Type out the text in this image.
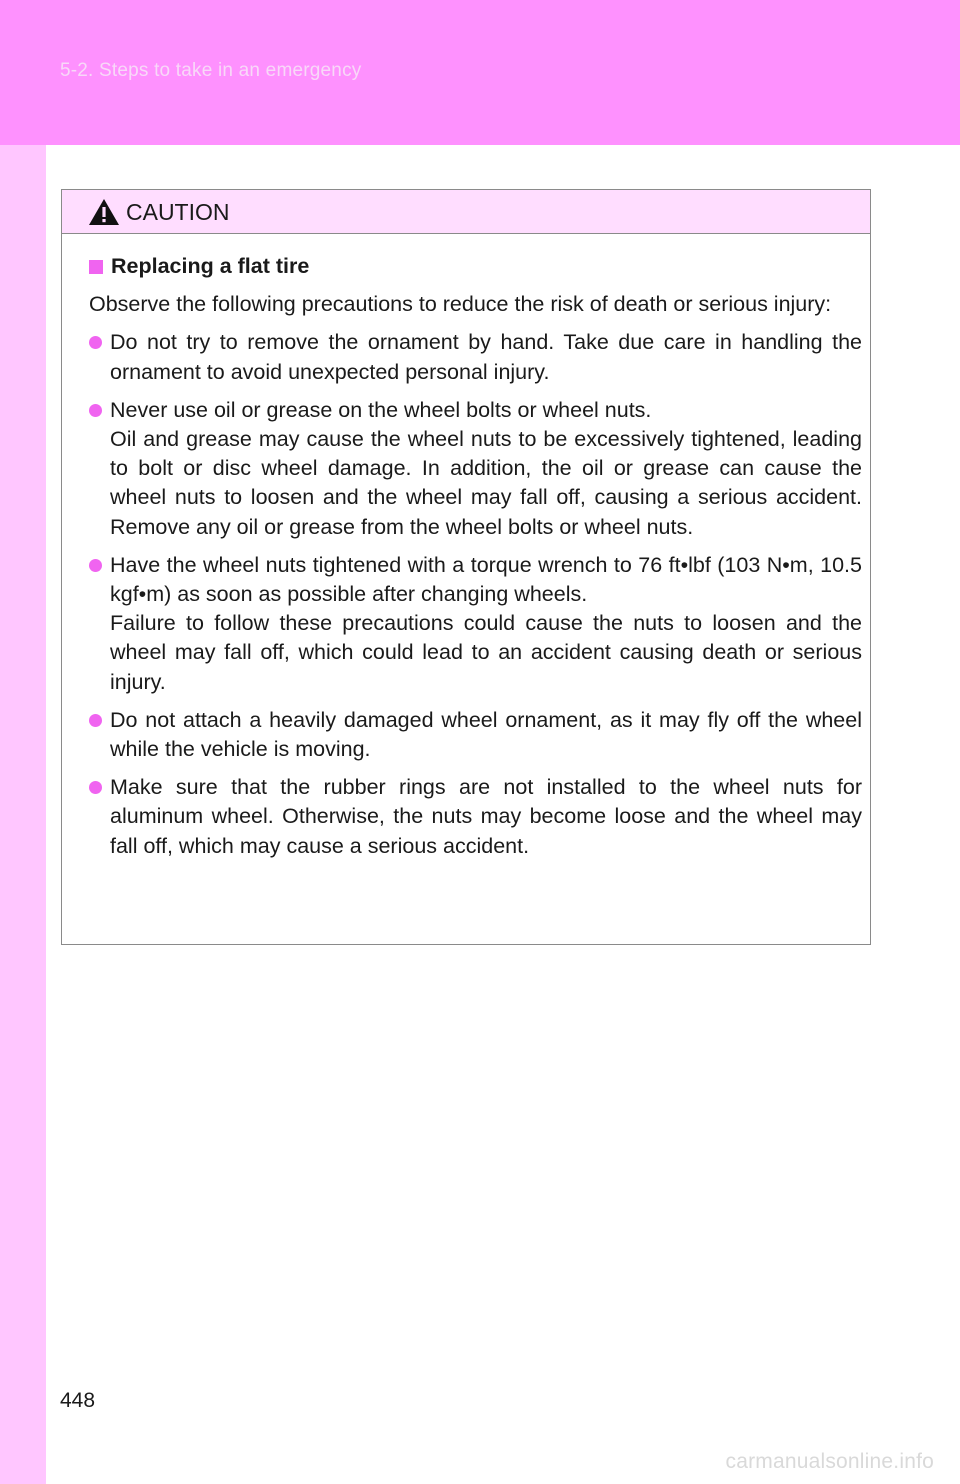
5-2. Steps to take in an emergency
CAUTION
Replacing a flat tire
Observe the following precautions to reduce the risk of death or serious injury:

Do not try to remove the ornament by hand. Take due care in handling the ornament to avoid unexpected personal injury.

Never use oil or grease on the wheel bolts or wheel nuts.

Oil and grease may cause the wheel nuts to be excessively tightened, leading to bolt or disc wheel damage. In addition, the oil or grease can cause the wheel nuts to loosen and the wheel may fall off, causing a serious accident. Remove any oil or grease from the wheel bolts or wheel nuts.

Have the wheel nuts tightened with a torque wrench to 76 ft•lbf (103 N•m, 10.5 kgf•m) as soon as possible after changing wheels.

Failure to follow these precautions could cause the nuts to loosen and the wheel may fall off, which could lead to an accident causing death or serious injury.

Do not attach a heavily damaged wheel ornament, as it may fly off the wheel while the vehicle is moving.

Make sure that the rubber rings are not installed to the wheel nuts for aluminum wheel. Otherwise, the nuts may become loose and the wheel may fall off, which may cause a serious accident.

448
carmanualsonline.info
